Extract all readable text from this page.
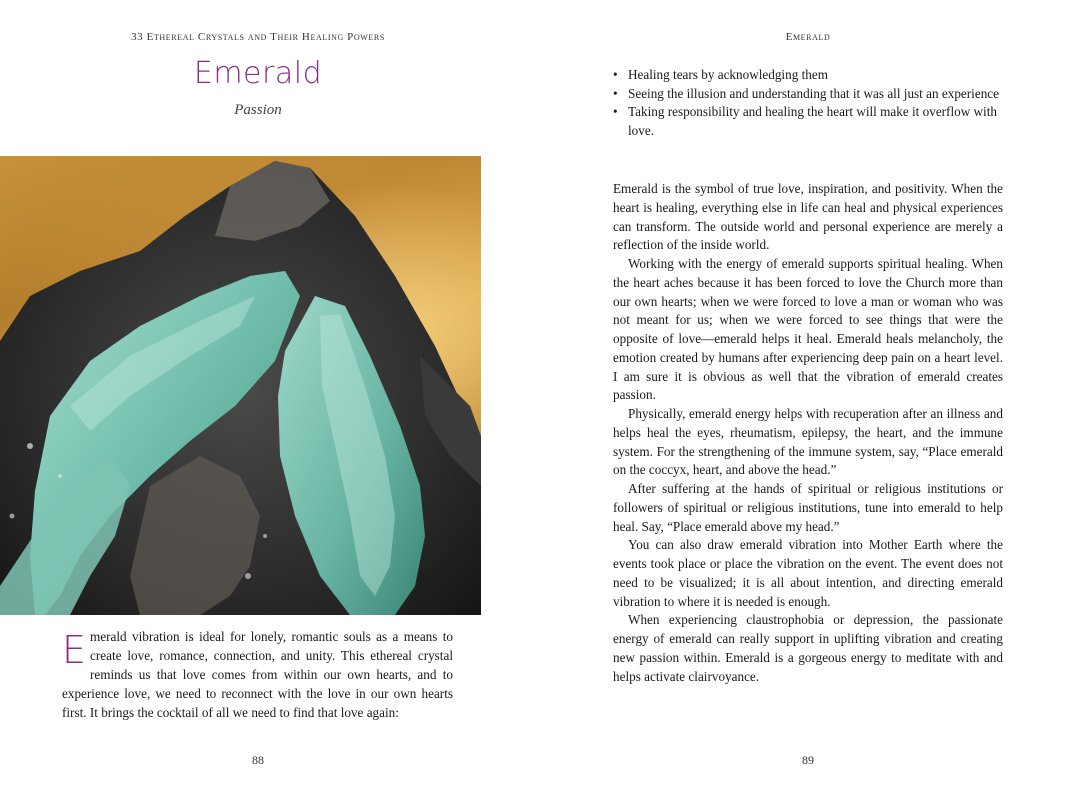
33 Ethereal Crystals and Their Healing Powers

Emerald

Passion

Emerald vibration is ideal for lonely, romantic souls as a means to create love, romance, connection, and unity. This ethereal crystal reminds us that love comes from within our own hearts, and to experience love, we need to reconnect with the love in our own hearts first. It brings the cocktail of all we need to find that love again:

88

Emerald

• Healing tears by acknowledging them
• Seeing the illusion and understanding that it was all just an experience
• Taking responsibility and healing the heart will make it overflow with love.

Emerald is the symbol of true love, inspiration, and positivity. When the heart is healing, everything else in life can heal and physical experiences can transform. The outside world and personal experience are merely a reflection of the inside world.

Working with the energy of emerald supports spiritual healing. When the heart aches because it has been forced to love the Church more than our own hearts; when we were forced to love a man or woman who was not meant for us; when we were forced to see things that were the opposite of love—emerald helps it heal. Emerald heals melancholy, the emotion created by humans after experiencing deep pain on a heart level. I am sure it is obvious as well that the vibration of emerald creates passion.

Physically, emerald energy helps with recuperation after an illness and helps heal the eyes, rheumatism, epilepsy, the heart, and the immune system. For the strengthening of the immune system, say, “Place emerald on the coccyx, heart, and above the head.”

After suffering at the hands of spiritual or religious institutions or followers of spiritual or religious institutions, tune into emerald to help heal. Say, “Place emerald above my head.”

You can also draw emerald vibration into Mother Earth where the events took place or place the vibration on the event. The event does not need to be visualized; it is all about intention, and directing emerald vibration to where it is needed is enough.

When experiencing claustrophobia or depression, the passionate energy of emerald can really support in uplifting vibration and creating new passion within. Emerald is a gorgeous energy to meditate with and helps activate clairvoyance.

89
